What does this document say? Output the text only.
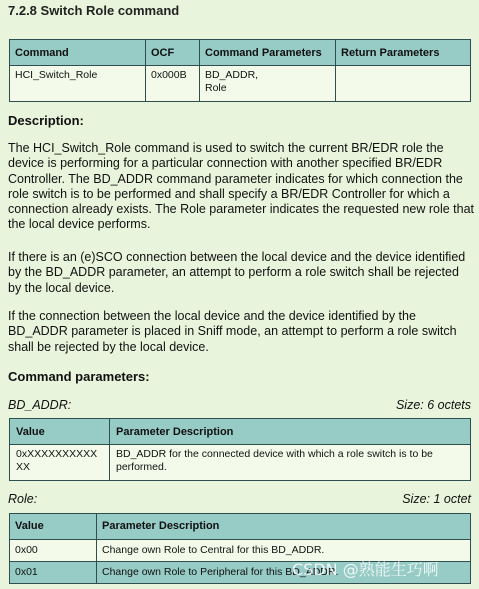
7.2.8 Switch Role command
Command	OCF	Command Parameters	Return Parameters
HCI_Switch_Role	0x000B	BD_ADDR,
Role	

Description:
The HCI_Switch_Role command is used to switch the current BR/EDR role the device is performing for a particular connection with another specified BR/EDR Controller. The BD_ADDR command parameter indicates for which connection the role switch is to be performed and shall specify a BR/EDR Controller for which a connection already exists. The Role parameter indicates the requested new role that the local device performs.
If there is an (e)SCO connection between the local device and the device identified by the BD_ADDR parameter, an attempt to perform a role switch shall be rejected by the local device.
If the connection between the local device and the device identified by the BD_ADDR parameter is placed in Sniff mode, an attempt to perform a role switch shall be rejected by the local device.
Command parameters:
BD_ADDR:	Size: 6 octets
Value	Parameter Description
0xXXXXXXXXXXXX	BD_ADDR for the connected device with which a role switch is to be performed.
Role:	Size: 1 octet
Value	Parameter Description
0x00	Change own Role to Central for this BD_ADDR.
0x01	Change own Role to Peripheral for this BD_ADDR.
CSDN @熟能生巧啊
